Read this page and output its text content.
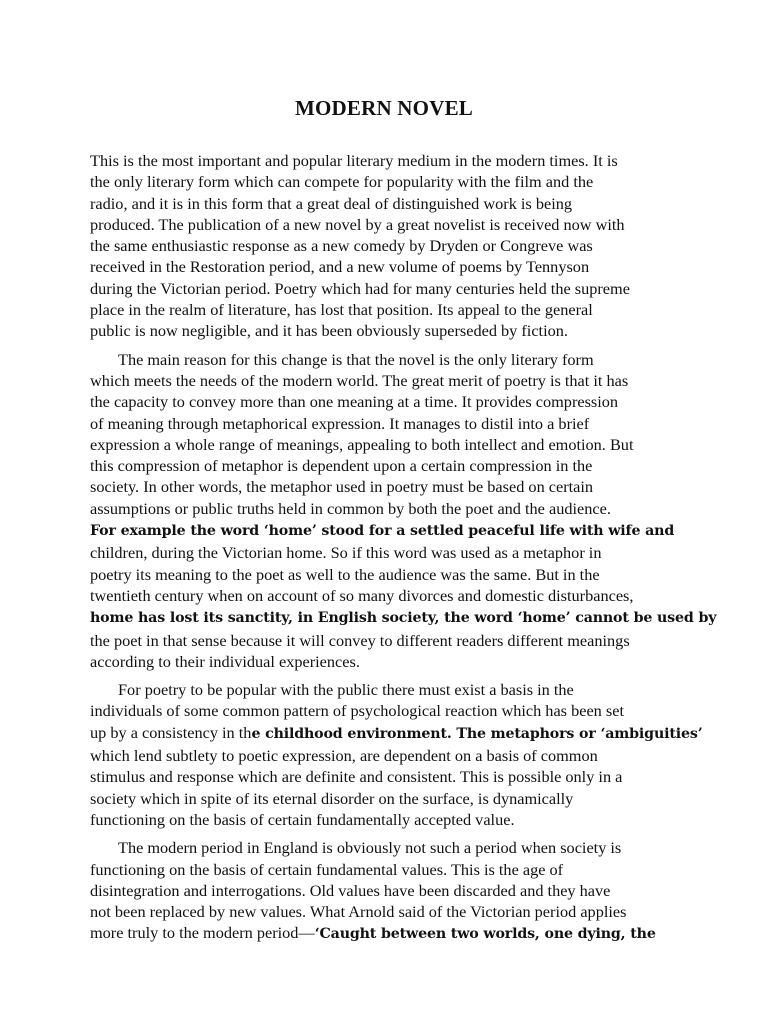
MODERN NOVEL

This is the most important and popular literary medium in the modern times. It is
the only literary form which can compete for popularity with the film and the
radio, and it is in this form that a great deal of distinguished work is being
produced. The publication of a new novel by a great novelist is received now with
the same enthusiastic response as a new comedy by Dryden or Congreve was
received in the Restoration period, and a new volume of poems by Tennyson
during the Victorian period. Poetry which had for many centuries held the supreme
place in the realm of literature, has lost that position. Its appeal to the general
public is now negligible, and it has been obviously superseded by fiction.

The main reason for this change is that the novel is the only literary form
which meets the needs of the modern world. The great merit of poetry is that it has
the capacity to convey more than one meaning at a time. It provides compression
of meaning through metaphorical expression. It manages to distil into a brief
expression a whole range of meanings, appealing to both intellect and emotion. But
this compression of metaphor is dependent upon a certain compression in the
society. In other words, the metaphor used in poetry must be based on certain
assumptions or public truths held in common by both the poet and the audience.
For example the word ‘home’ stood for a settled peaceful life with wife and
children, during the Victorian home. So if this word was used as a metaphor in
poetry its meaning to the poet as well to the audience was the same. But in the
twentieth century when on account of so many divorces and domestic disturbances,
home has lost its sanctity, in English society, the word ‘home’ cannot be used by
the poet in that sense because it will convey to different readers different meanings
according to their individual experiences.

For poetry to be popular with the public there must exist a basis in the
individuals of some common pattern of psychological reaction which has been set
up by a consistency in the childhood environment. The metaphors or ‘ambiguities’
which lend subtlety to poetic expression, are dependent on a basis of common
stimulus and response which are definite and consistent. This is possible only in a
society which in spite of its eternal disorder on the surface, is dynamically
functioning on the basis of certain fundamentally accepted value.

The modern period in England is obviously not such a period when society is
functioning on the basis of certain fundamental values. This is the age of
disintegration and interrogations. Old values have been discarded and they have
not been replaced by new values. What Arnold said of the Victorian period applies
more truly to the modern period—‘Caught between two worlds, one dying, the
